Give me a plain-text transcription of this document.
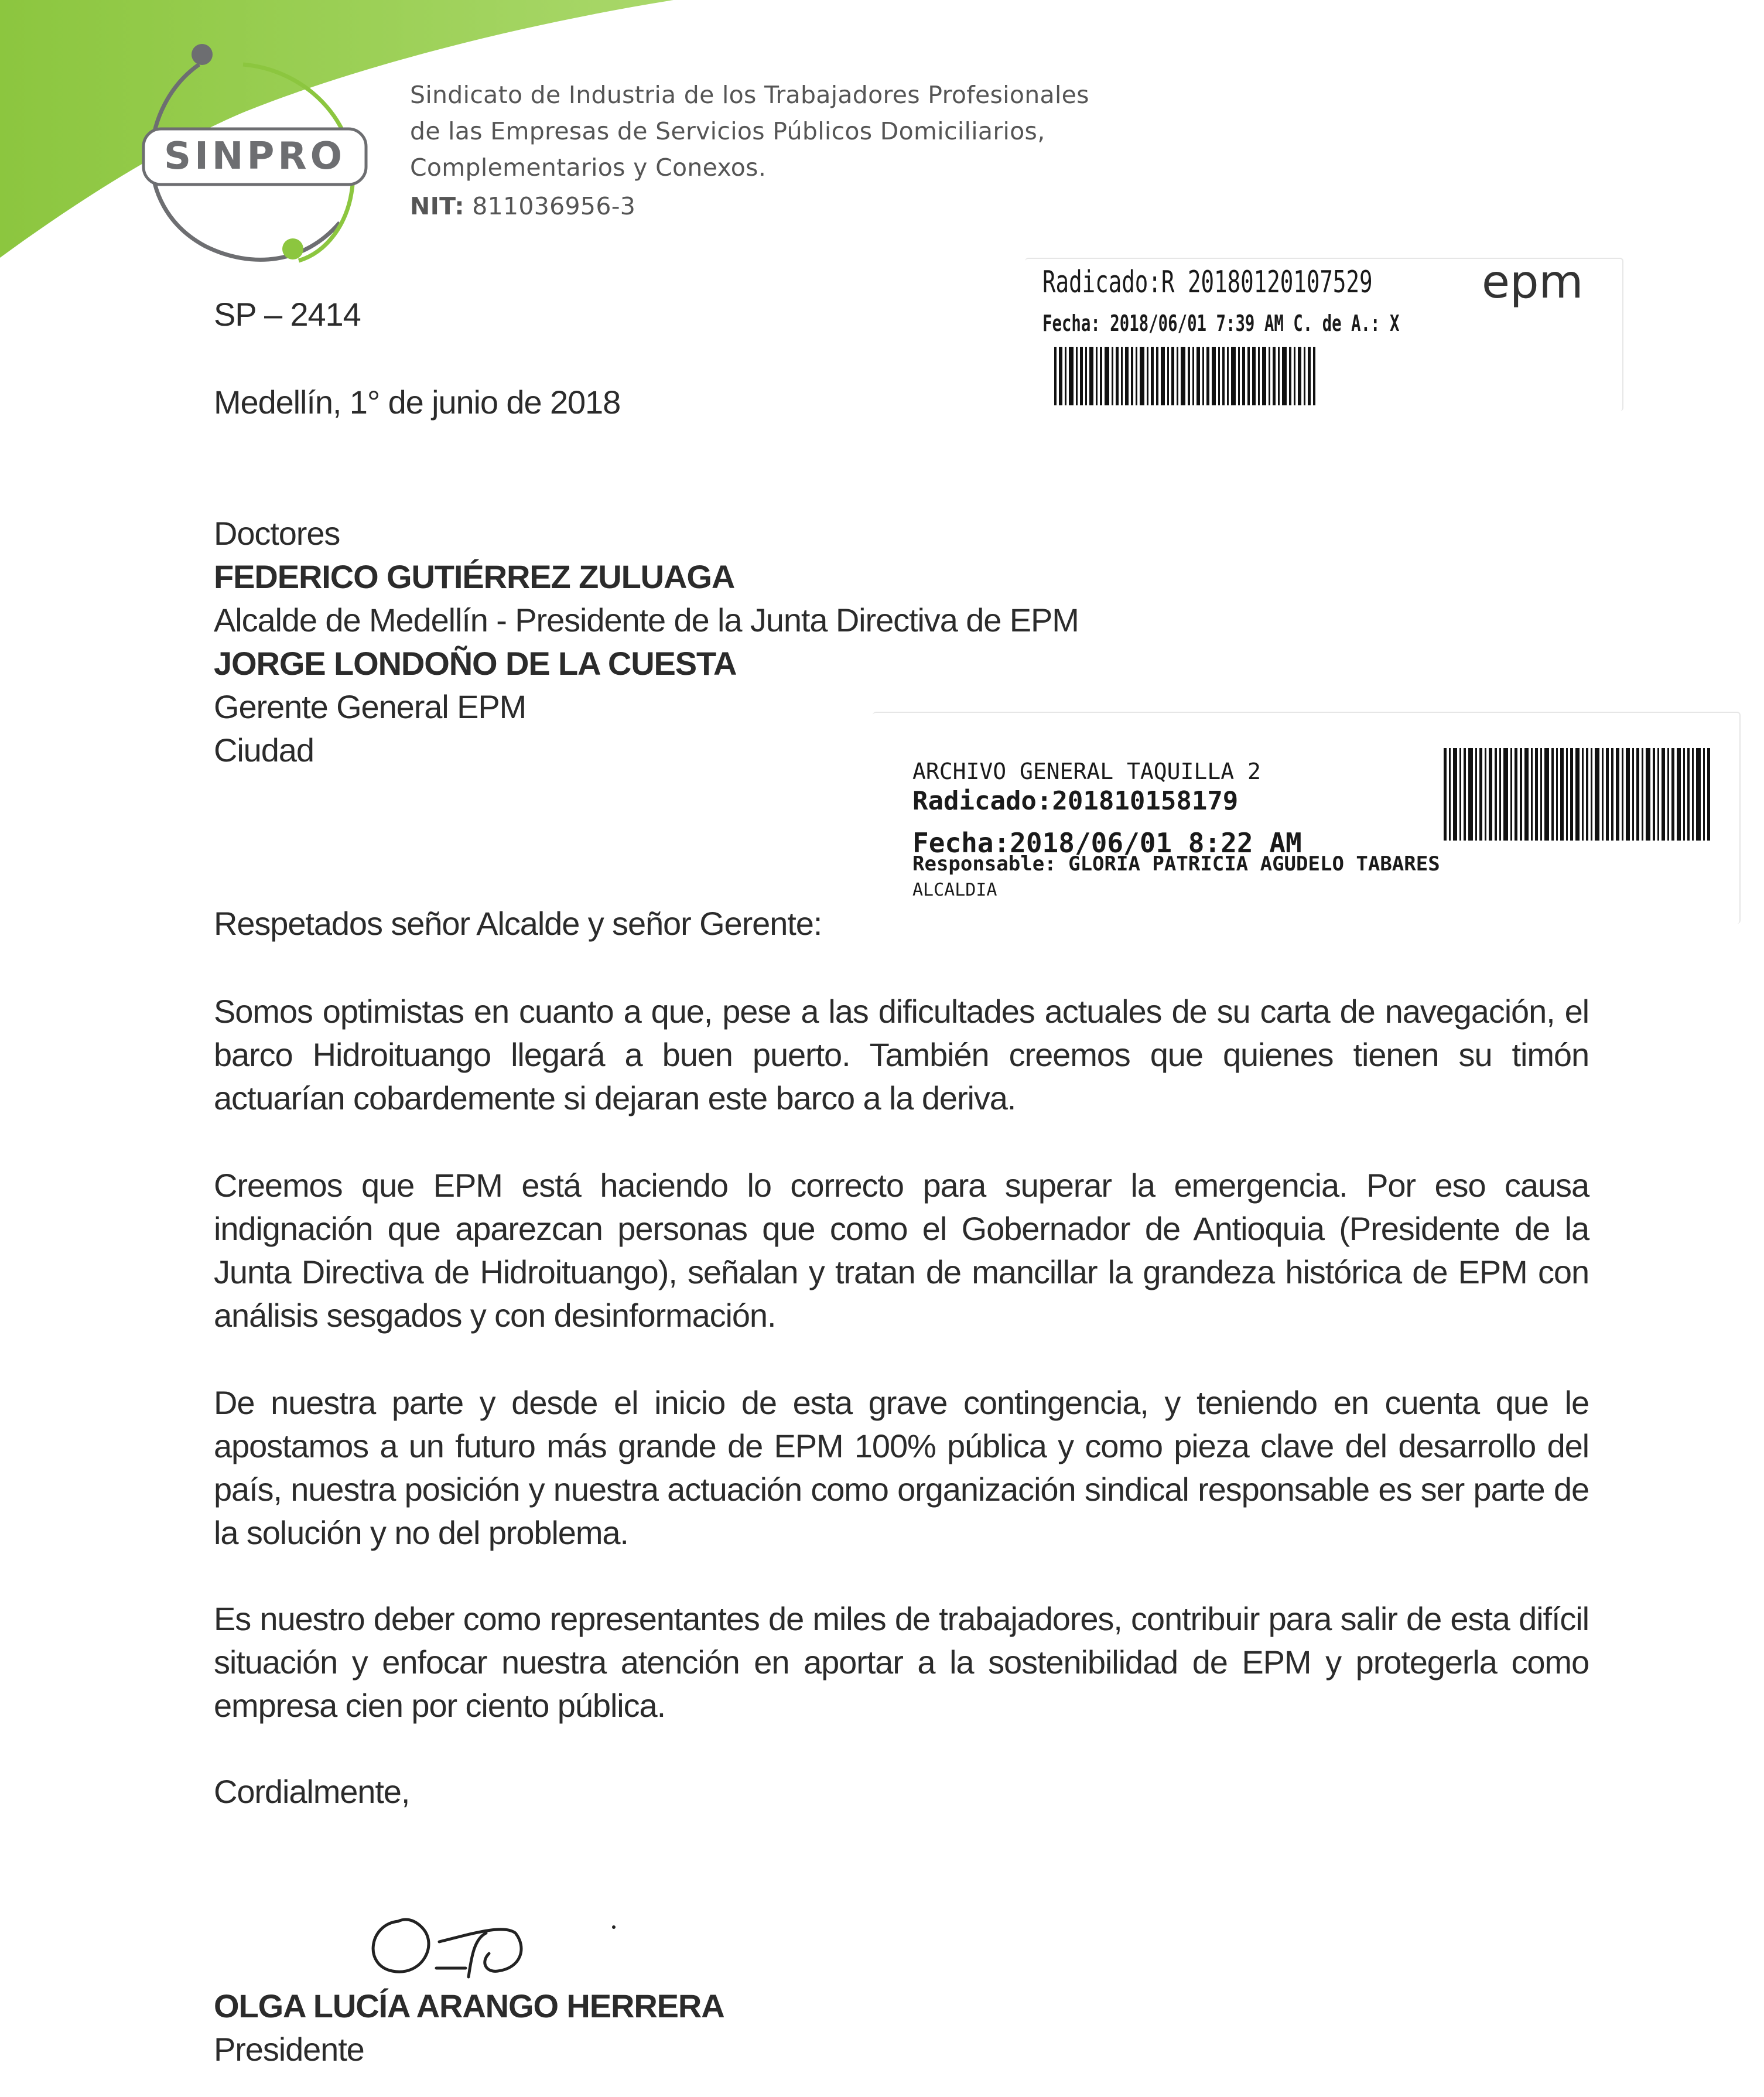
SINPRO
Sindicato de Industria de los Trabajadores Profesionales
de las Empresas de Servicios Públicos Domiciliarios,
Complementarios y Conexos.
NIT: 811036956-3
SP – 2414
Medellín, 1° de junio de 2018
Radicado:R 20180120107529
Fecha: 2018/06/01 7:39 AM C. de A.: X
epm
Doctores
FEDERICO GUTIÉRREZ ZULUAGA
Alcalde de Medellín - Presidente de la Junta Directiva de EPM
JORGE LONDOÑO DE LA CUESTA
Gerente General EPM
Ciudad
ARCHIVO GENERAL TAQUILLA 2
Radicado:201810158179
Fecha:2018/06/01 8:22 AM
Responsable: GLORIA PATRICIA AGUDELO TABARES
ALCALDIA
Respetados señor Alcalde y señor Gerente:
Somos optimistas en cuanto a que, pese a las dificultades actuales de su carta de navegación, el barco Hidroituango llegará a buen puerto. También creemos que quienes tienen su timón actuarían cobardemente si dejaran este barco a la deriva.
Creemos que EPM está haciendo lo correcto para superar la emergencia. Por eso causa indignación que aparezcan personas que como el Gobernador de Antioquia (Presidente de la Junta Directiva de Hidroituango), señalan y tratan de mancillar la grandeza histórica de EPM con análisis sesgados y con desinformación.
De nuestra parte y desde el inicio de esta grave contingencia, y teniendo en cuenta que le apostamos a un futuro más grande de EPM 100% pública y como pieza clave del desarrollo del país, nuestra posición y nuestra actuación como organización sindical responsable es ser parte de la solución y no del problema.
Es nuestro deber como representantes de miles de trabajadores, contribuir para salir de esta difícil situación y enfocar nuestra atención en aportar a la sostenibilidad de EPM y protegerla como empresa cien por ciento pública.
Cordialmente,
OLGA LUCÍA ARANGO HERRERA
Presidente
